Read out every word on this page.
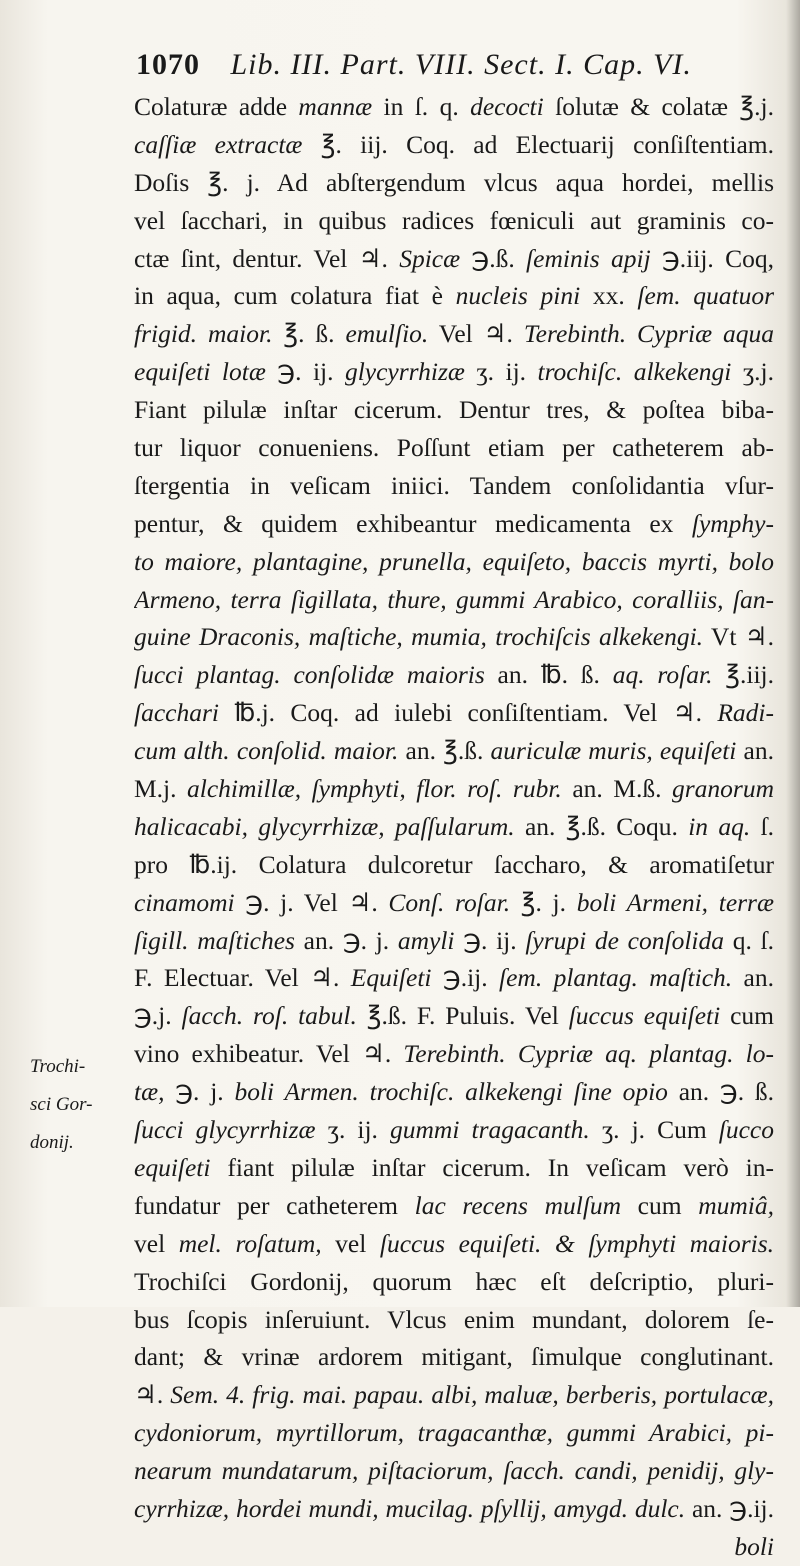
1070 Lib. III. Part. VIII. Sect. I. Cap. VI.
Trochi-
sci Gor-
donij.
Colaturæ adde mannæ in ſ. q. decocti ſolutæ & colatæ ℥.j.
caſſiæ extractæ ℥. iij. Coq. ad Electuarij conſiſtentiam.
Doſis ℥. j. Ad abſtergendum vlcus aqua hordei, mellis
vel ſacchari, in quibus radices fœniculi aut graminis co-
ctæ ſint, dentur. Vel ♃. Spicæ ℈.ß. ſeminis apij ℈.iij. Coq,
in aqua, cum colatura fiat è nucleis pini xx. ſem. quatuor
frigid. maior. ℥. ß. emulſio. Vel ♃. Terebinth. Cypriæ aqua
equiſeti lotæ ℈. ij. glycyrrhizæ ʒ. ij. trochiſc. alkekengi ʒ.j.
Fiant pilulæ inſtar cicerum. Dentur tres, & poſtea biba-
tur liquor conueniens. Poſſunt etiam per catheterem ab-
ſtergentia in veſicam iniici. Tandem conſolidantia vſur-
pentur, & quidem exhibeantur medicamenta ex ſymphy-
to maiore, plantagine, prunella, equiſeto, baccis myrti, bolo
Armeno, terra ſigillata, thure, gummi Arabico, coralliis, ſan-
guine Draconis, maſtiche, mumia, trochiſcis alkekengi. Vt ♃.
ſucci plantag. conſolidæ maioris an. ℔. ß. aq. roſar. ℥.iij.
ſacchari ℔.j. Coq. ad iulebi conſiſtentiam. Vel ♃. Radi-
cum alth. conſolid. maior. an. ℥.ß. auriculæ muris, equiſeti an.
M.j. alchimillæ, ſymphyti, flor. roſ. rubr. an. M.ß. granorum
halicacabi, glycyrrhizæ, paſſularum. an. ℥.ß. Coqu. in aq. ſ.
pro ℔.ij. Colatura dulcoretur ſaccharo, & aromatiſetur
cinamomi ℈. j. Vel ♃. Conſ. roſar. ℥. j. boli Armeni, terræ
ſigill. maſtiches an. ℈. j. amyli ℈. ij. ſyrupi de conſolida q. ſ.
F. Electuar. Vel ♃. Equiſeti ℈.ij. ſem. plantag. maſtich. an.
℈.j. ſacch. roſ. tabul. ℥.ß. F. Puluis. Vel ſuccus equiſeti cum
vino exhibeatur. Vel ♃. Terebinth. Cypriæ aq. plantag. lo-
tæ, ℈. j. boli Armen. trochiſc. alkekengi ſine opio an. ℈. ß.
ſucci glycyrrhizæ ʒ. ij. gummi tragacanth. ʒ. j. Cum ſucco
equiſeti fiant pilulæ inſtar cicerum. In veſicam verò in-
fundatur per catheterem lac recens mulſum cum mumiâ,
vel mel. roſatum, vel ſuccus equiſeti. & ſymphyti maioris.
Trochiſci Gordonij, quorum hæc eſt deſcriptio, pluri-
bus ſcopis inſeruiunt. Vlcus enim mundant, dolorem ſe-
dant; & vrinæ ardorem mitigant, ſimulque conglutinant.
♃. Sem. 4. frig. mai. papau. albi, maluæ, berberis, portulacæ,
cydoniorum, myrtillorum, tragacanthæ, gummi Arabici, pi-
nearum mundatarum, piſtaciorum, ſacch. candi, penidij, gly-
cyrrhizæ, hordei mundi, mucilag. pſyllij, amygd. dulc. an. ℈.ij.
boli
